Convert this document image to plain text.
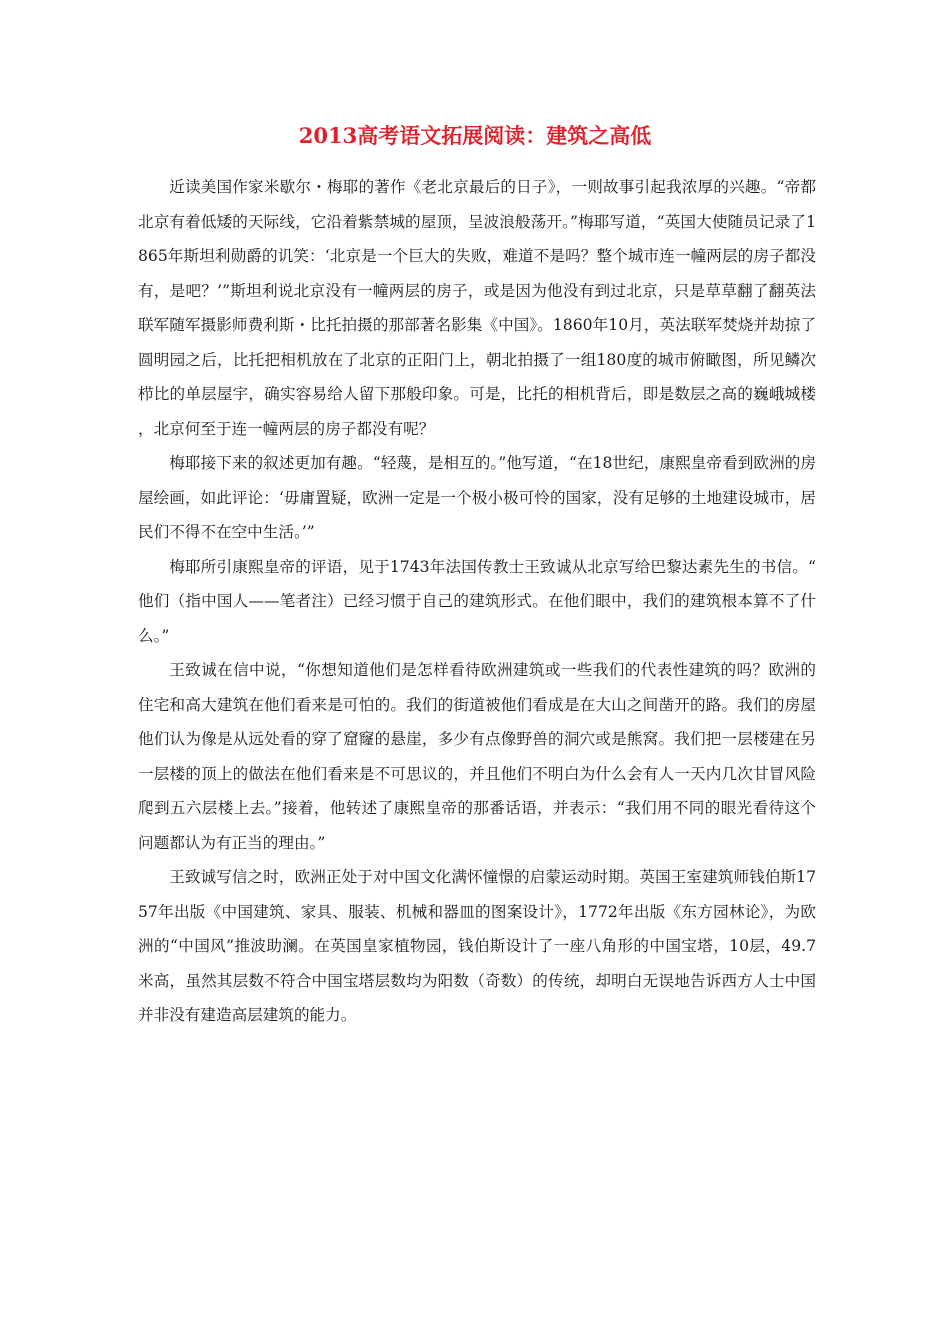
2013高考语文拓展阅读：建筑之高低

近读美国作家米歇尔・梅耶的著作《老北京最后的日子》，一则故事引起我浓厚的兴趣。“帝都北京有着低矮的天际线，它沿着紫禁城的屋顶，呈波浪般荡开。”梅耶写道，“英国大使随员记录了1865年斯坦利勋爵的讥笑：‘北京是一个巨大的失败，难道不是吗？整个城市连一幢两层的房子都没有，是吧？’”斯坦利说北京没有一幢两层的房子，或是因为他没有到过北京，只是草草翻了翻英法联军随军摄影师费利斯・比托拍摄的那部著名影集《中国》。1860年10月，英法联军焚烧并劫掠了圆明园之后，比托把相机放在了北京的正阳门上，朝北拍摄了一组180度的城市俯瞰图，所见鳞次栉比的单层屋宇，确实容易给人留下那般印象。可是，比托的相机背后，即是数层之高的巍峨城楼，北京何至于连一幢两层的房子都没有呢？

梅耶接下来的叙述更加有趣。“轻蔑，是相互的。”他写道，“在18世纪，康熙皇帝看到欧洲的房屋绘画，如此评论：‘毋庸置疑，欧洲一定是一个极小极可怜的国家，没有足够的土地建设城市，居民们不得不在空中生活。’”

梅耶所引康熙皇帝的评语，见于1743年法国传教士王致诚从北京写给巴黎达素先生的书信。“他们（指中国人——笔者注）已经习惯于自己的建筑形式。在他们眼中，我们的建筑根本算不了什么。”

王致诚在信中说，“你想知道他们是怎样看待欧洲建筑或一些我们的代表性建筑的吗？欧洲的住宅和高大建筑在他们看来是可怕的。我们的街道被他们看成是在大山之间凿开的路。我们的房屋他们认为像是从远处看的穿了窟窿的悬崖，多少有点像野兽的洞穴或是熊窝。我们把一层楼建在另一层楼的顶上的做法在他们看来是不可思议的，并且他们不明白为什么会有人一天内几次甘冒风险爬到五六层楼上去。”接着，他转述了康熙皇帝的那番话语，并表示：“我们用不同的眼光看待这个问题都认为有正当的理由。”

王致诚写信之时，欧洲正处于对中国文化满怀憧憬的启蒙运动时期。英国王室建筑师钱伯斯1757年出版《中国建筑、家具、服装、机械和器皿的图案设计》，1772年出版《东方园林论》，为欧洲的“中国风”推波助澜。在英国皇家植物园，钱伯斯设计了一座八角形的中国宝塔，10层，49.7米高，虽然其层数不符合中国宝塔层数均为阳数（奇数）的传统，却明白无误地告诉西方人士中国并非没有建造高层建筑的能力。
